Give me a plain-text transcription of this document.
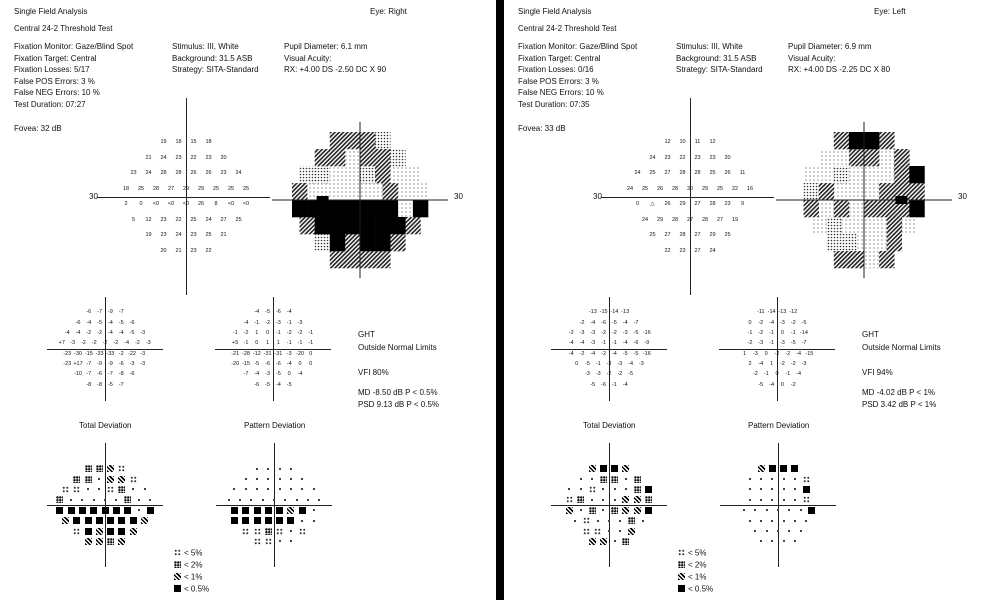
Single Field Analysis	Eye: Right
Central 24-2 Threshold Test
Fixation Monitor: Gaze/Blind Spot
Fixation Target: Central
Fixation Losses: 5/17
False POS Errors: 3 %
False NEG Errors: 10 %
Test Duration: 07:27
Stimulus: III, White
Background: 31.5 ASB
Strategy: SITA-Standard
Pupil Diameter: 6.1 mm
Visual Acuity:
RX: +4.00 DS -2.50 DC X 90
Fovea: 32 dB
30	30
19	18	15	18
21	24	23	22	23	20
23	24	28	28	26	26	23	24
18	25	28	27	29	29	25	25	25
2	0	<0	<0	<0	26	8	<0	<0
5	12	23	22	25	24	27	25
19	23	24	23	25	21
20	21	23	22
-6	-7	-9	-7
-6	-4	-5	-4	-5	-6
-4	-4	-2	-2	-4	-4	-5	-3
+7 -3	-2	-2	-2	-2	-4	-2	-3
-23 -30 -15 -33 -33 -2 -22 -3
-23 +17 -7	-9	-9	-6	-3	-3
-10 -7	-6	-7	-8	-6
-8	-8	-5	-7
-4	-5	-6	-4
-4	-1	-2	-3	-1	-3
-1	-2	1	0	-1	-2	-2	-1
+5 -1	0	1	1	-1	-1	-1
-21 -28 -12 -31 -31 -3 -20 0
-20 -15 -5	-6	-6	-4	0	0
-7	-4	-3	-5	0	-4
-6	-5	-4	-5
GHT
Outside Normal Limits
VFI 80%
MD -8.50 dB P < 0.5%
PSD 9.13 dB P < 0.5%
Total Deviation	Pattern Deviation
< 5%
< 2%
< 1%
< 0.5%
Single Field Analysis	Eye: Left
Central 24-2 Threshold Test
Fixation Monitor: Gaze/Blind Spot
Fixation Target: Central
Fixation Losses: 0/16
False POS Errors: 3 %
False NEG Errors: 10 %
Test Duration: 07:35
Stimulus: III, White
Background: 31.5 ASB
Strategy: SITA-Standard
Pupil Diameter: 6.9 mm
Visual Acuity:
RX: +4.00 DS -2.25 DC X 80
Fovea: 33 dB
30	30
12	10	11	12
24	23	22	23	23	20
24	25	27	28	28	25	26	11
24	25	26	28	30	29	25	22	16
0	△	26	29	27	28	23	9
24	29	28	27	28	27	19
25	27	28	27	29	25
22	23	27	24
-13 -15 -14 -13
-2	-4	-6	-5	-4	-7
-2	-3	-3	-2	-2	-3	-5 -16
-4	-4	-3	-1	-1	-4	-6	-9
-4	-2	-4	-2	-4	-5	-5 -16
0	-5	-1	-3	-3	-4	-3
-3	-3	-2	-2	-5
-5	-6	-1	-4
-11 -14 -13 -12
0	-2	-4	-3	-2	-5
-1	-2	-1	0	-1 -14
-2	-3	-1	-3	-5	-7
1	-3	0	-2	-2	-4 -15
2	-4	1	-2	-2	-3
-2	-1	0	-1	-4
-5	-4	0	-2
GHT
Outside Normal Limits
VFI 94%
MD -4.02 dB P < 1%
PSD 3.42 dB P < 1%
Total Deviation	Pattern Deviation
< 5%
< 2%
< 1%
< 0.5%
